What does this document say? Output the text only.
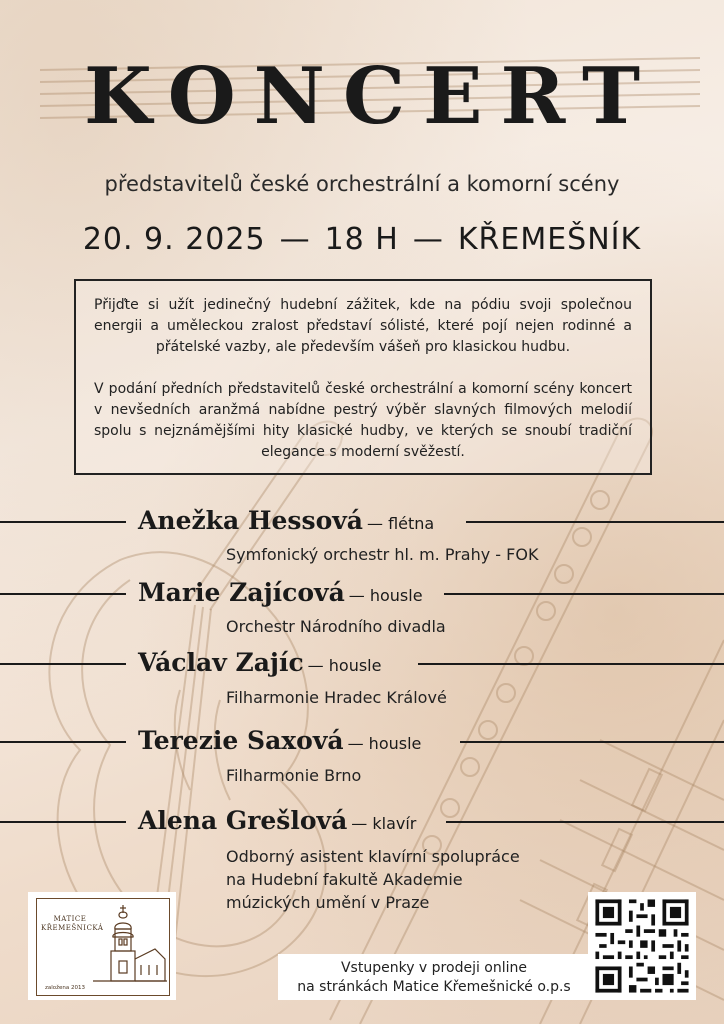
KONCERT
představitelů české orchestrální a komorní scény
20. 9. 2025 — 18 H — KŘEMEŠNÍK

Přijďte si užít jedinečný hudební zážitek, kde na pódiu svoji společnou energii a uměleckou zralost představí sólisté, které pojí nejen rodinné a přátelské vazby, ale především vášeň pro klasickou hudbu.

V podání předních představitelů české orchestrální a komorní scény koncert v nevšedních aranžmá nabídne pestrý výběr slavných filmových melodií spolu s nejznámějšími hity klasické hudby, ve kterých se snoubí tradiční elegance s moderní svěžestí.

Anežka Hessová — flétna
Symfonický orchestr hl. m. Prahy - FOK
Marie Zajícová — housle
Orchestr Národního divadla
Václav Zajíc — housle
Filharmonie Hradec Králové
Terezie Saxová — housle
Filharmonie Brno
Alena Grešlová — klavír
Odborný asistent klavírní spolupráce
na Hudební fakultě Akademie
múzických umění v Praze
MATICE
KŘEMEŠNICKÁ
založena 2013
Vstupenky v prodeji online
na stránkách Matice Křemešnické o.p.s
